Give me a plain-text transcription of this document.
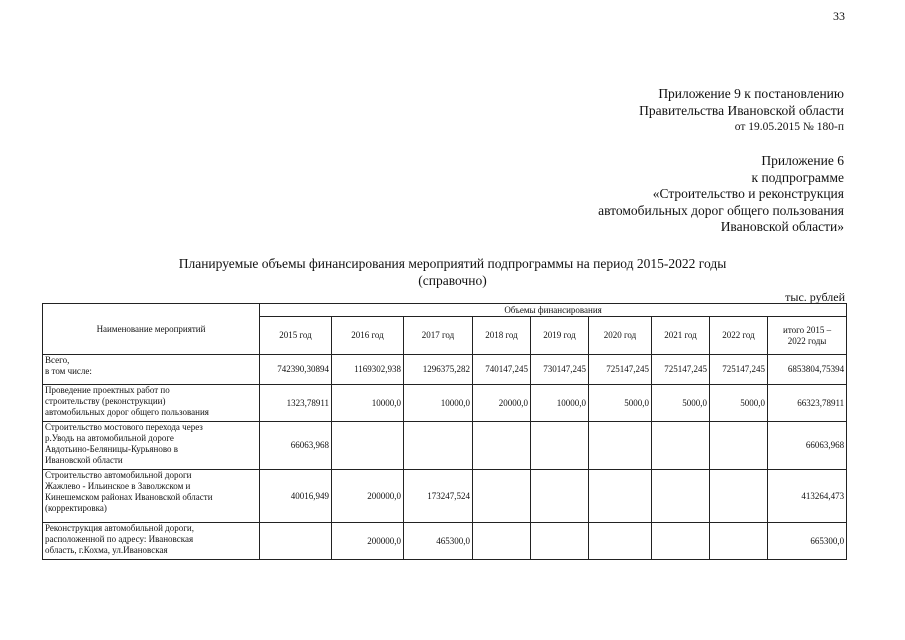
33
Приложение 9 к постановлению
Правительства Ивановской области
от 19.05.2015 № 180-п
Приложение 6
к подпрограмме
«Строительство и реконструкция
автомобильных дорог общего пользования
Ивановской области»
Планируемые объемы финансирования мероприятий подпрограммы на период 2015-2022 годы
(справочно)
тыс. рублей
Наименование мероприятий	Объемы финансирования								
	2015 год	2016 год	2017 год	2018 год	2019 год	2020 год	2021 год	2022 год	итого 2015 –
2022 годы

Всего,
в том числе:	742390,30894	1169302,938	1296375,282	740147,245	730147,245	725147,245	725147,245	725147,245	6853804,75394

Проведение проектных работ по
строительству (реконструкции)
автомобильных дорог общего пользования	1323,78911	10000,0	10000,0	20000,0	10000,0	5000,0	5000,0	5000,0	66323,78911

Строительство мостового перехода через
р.Уводь на автомобильной дороге
Авдотьино-Беляницы-Курьяново в
Ивановской области	66063,968								66063,968

Строительство автомобильной дороги
Жажлево - Ильинское в Заволжском и
Кинешемском районах Ивановской области
(корректировка)	40016,949	200000,0	173247,524						413264,473

Реконструкция автомобильной дороги,
расположенной по адресу: Ивановская
область, г.Кохма, ул.Ивановская		200000,0	465300,0						665300,0
